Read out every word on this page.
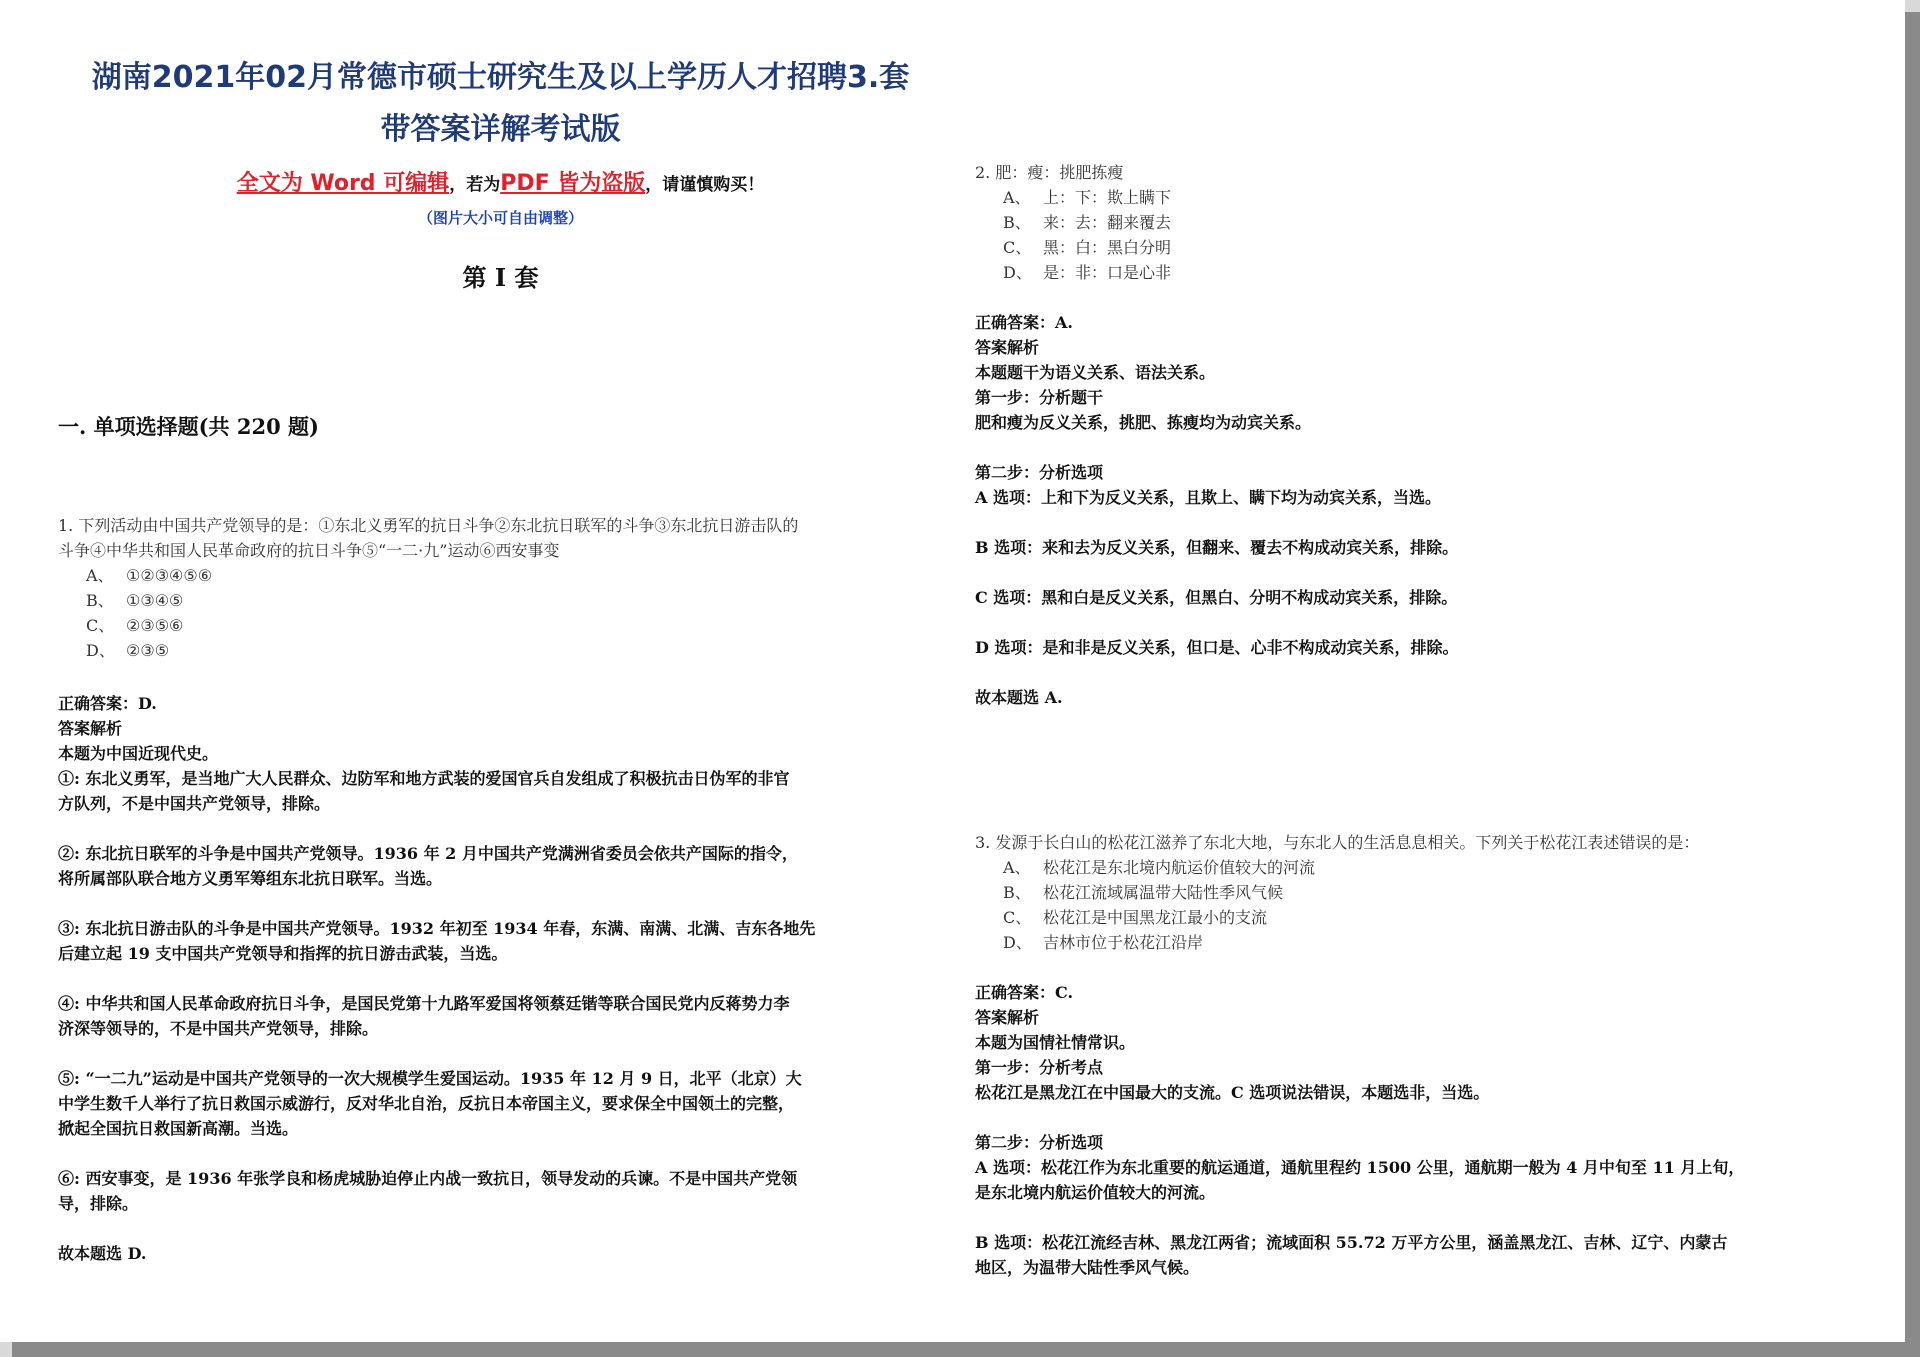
湖南2021年02月常德市硕士研究生及以上学历人才招聘3.套
带答案详解考试版
全文为 Word 可编辑，若为PDF 皆为盗版，请谨慎购买！
（图片大小可自由调整）
第 I 套
一. 单项选择题(共 220 题)
1. 下列活动由中国共产党领导的是：①东北义勇军的抗日斗争②东北抗日联军的斗争③东北抗日游击队的
斗争④中华共和国人民革命政府的抗日斗争⑤“一二·九”运动⑥西安事变
A、 ①②③④⑤⑥
B、 ①③④⑤
C、 ②③⑤⑥
D、 ②③⑤

正确答案：D.

答案解析

本题为中国近现代史。

①: 东北义勇军，是当地广大人民群众、边防军和地方武装的爱国官兵自发组成了积极抗击日伪军的非官

方队列，不是中国共产党领导，排除。

②: 东北抗日联军的斗争是中国共产党领导。1936 年 2 月中国共产党满洲省委员会依共产国际的指令，

将所属部队联合地方义勇军筹组东北抗日联军。当选。

③: 东北抗日游击队的斗争是中国共产党领导。1932 年初至 1934 年春，东满、南满、北满、吉东各地先

后建立起 19 支中国共产党领导和指挥的抗日游击武装，当选。

④: 中华共和国人民革命政府抗日斗争，是国民党第十九路军爱国将领蔡廷锴等联合国民党内反蒋势力李

济深等领导的，不是中国共产党领导，排除。

⑤: “一二九”运动是中国共产党领导的一次大规模学生爱国运动。1935 年 12 月 9 日，北平（北京）大

中学生数千人举行了抗日救国示威游行，反对华北自治，反抗日本帝国主义，要求保全中国领土的完整，

掀起全国抗日救国新高潮。当选。

⑥: 西安事变，是 1936 年张学良和杨虎城胁迫停止内战一致抗日，领导发动的兵谏。不是中国共产党领

导，排除。

故本题选 D.

2. 肥：瘦：挑肥拣瘦
A、 上：下：欺上瞒下
B、 来：去：翻来覆去
C、 黑：白：黑白分明
D、 是：非：口是心非

正确答案：A.

答案解析

本题题干为语义关系、语法关系。

第一步：分析题干

肥和瘦为反义关系，挑肥、拣瘦均为动宾关系。

第二步：分析选项

A 选项：上和下为反义关系，且欺上、瞒下均为动宾关系，当选。

B 选项：来和去为反义关系，但翻来、覆去不构成动宾关系，排除。

C 选项：黑和白是反义关系，但黑白、分明不构成动宾关系，排除。

D 选项：是和非是反义关系，但口是、心非不构成动宾关系，排除。

故本题选 A.

3. 发源于长白山的松花江滋养了东北大地，与东北人的生活息息相关。下列关于松花江表述错误的是：
A、 松花江是东北境内航运价值较大的河流
B、 松花江流域属温带大陆性季风气候
C、 松花江是中国黑龙江最小的支流
D、 吉林市位于松花江沿岸

正确答案：C.

答案解析

本题为国情社情常识。

第一步：分析考点

松花江是黑龙江在中国最大的支流。C 选项说法错误，本题选非，当选。

第二步：分析选项

A 选项：松花江作为东北重要的航运通道，通航里程约 1500 公里，通航期一般为 4 月中旬至 11 月上旬，

是东北境内航运价值较大的河流。

B 选项：松花江流经吉林、黑龙江两省；流域面积 55.72 万平方公里，涵盖黑龙江、吉林、辽宁、内蒙古

地区，为温带大陆性季风气候。
